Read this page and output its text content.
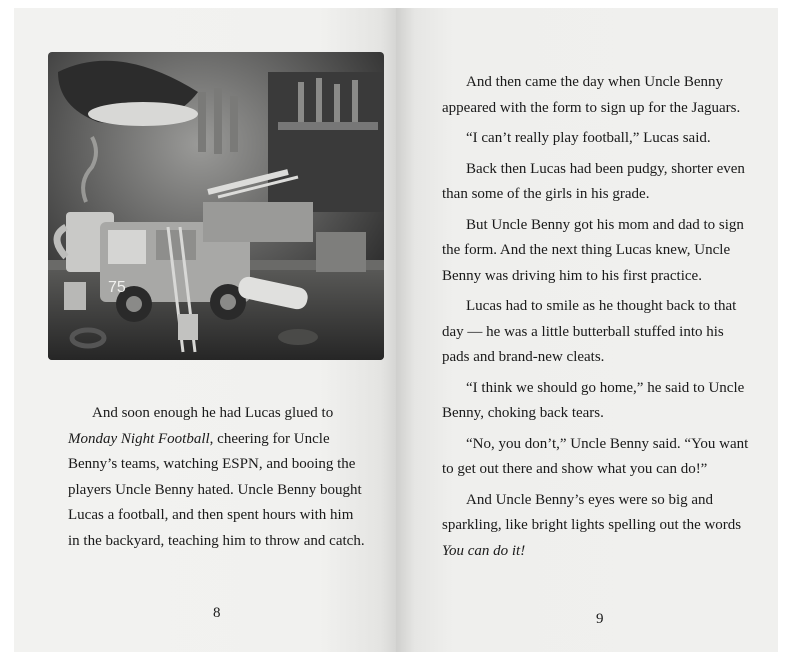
75

And soon enough he had Lucas glued to Monday Night Football, cheering for Uncle Benny’s teams, watching ESPN, and booing the players Uncle Benny hated. Uncle Benny bought Lucas a football, and then spent hours with him in the backyard, teaching him to throw and catch.

8

And then came the day when Uncle Benny appeared with the form to sign up for the Jaguars.

“I can’t really play football,” Lucas said.

Back then Lucas had been pudgy, shorter even than some of the girls in his grade.

But Uncle Benny got his mom and dad to sign the form. And the next thing Lucas knew, Uncle Benny was driving him to his first practice.

Lucas had to smile as he thought back to that day — he was a little butterball stuffed into his pads and brand-new cleats.

“I think we should go home,” he said to Uncle Benny, choking back tears.

“No, you don’t,” Uncle Benny said. “You want to get out there and show what you can do!”

And Uncle Benny’s eyes were so big and sparkling, like bright lights spelling out the words You can do it!

9
